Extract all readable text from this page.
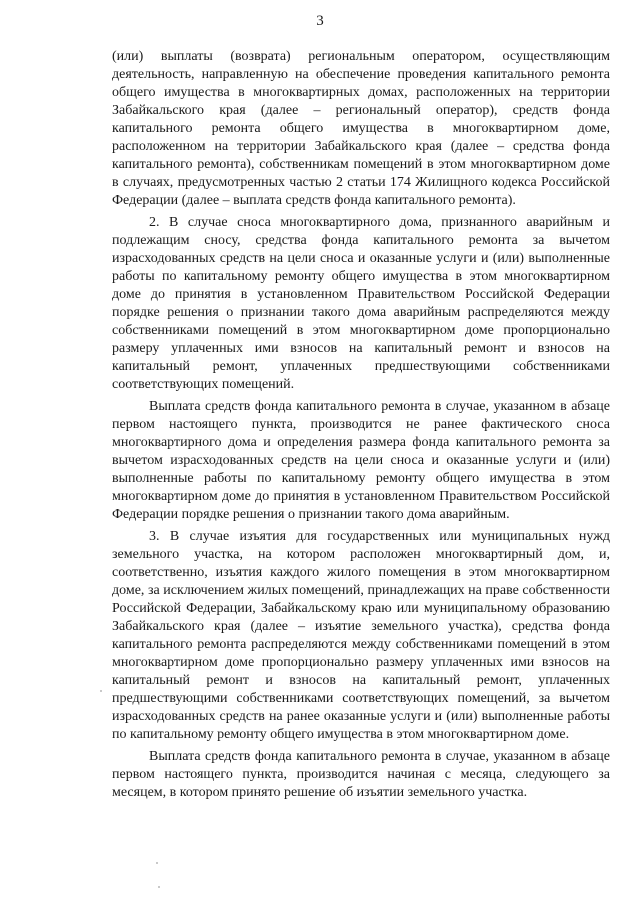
3

(или) выплаты (возврата) региональным оператором, осуществляющим деятельность, направленную на обеспечение проведения капитального ремонта общего имущества в многоквартирных домах, расположенных на территории Забайкальского края (далее – региональный оператор), средств фонда капитального ремонта общего имущества в многоквартирном доме, расположенном на территории Забайкальского края (далее – средства фонда капитального ремонта), собственникам помещений в этом многоквартирном доме в случаях, предусмотренных частью 2 статьи 174 Жилищного кодекса Российской Федерации (далее – выплата средств фонда капитального ремонта).

2. В случае сноса многоквартирного дома, признанного аварийным и подлежащим сносу, средства фонда капитального ремонта за вычетом израсходованных средств на цели сноса и оказанные услуги и (или) выполненные работы по капитальному ремонту общего имущества в этом многоквартирном доме до принятия в установленном Правительством Российской Федерации порядке решения о признании такого дома аварийным распределяются между собственниками помещений в этом многоквартирном доме пропорционально размеру уплаченных ими взносов на капитальный ремонт и взносов на капитальный ремонт, уплаченных предшествующими собственниками соответствующих помещений.

Выплата средств фонда капитального ремонта в случае, указанном в абзаце первом настоящего пункта, производится не ранее фактического сноса многоквартирного дома и определения размера фонда капитального ремонта за вычетом израсходованных средств на цели сноса и оказанные услуги и (или) выполненные работы по капитальному ремонту общего имущества в этом многоквартирном доме до принятия в установленном Правительством Российской Федерации порядке решения о признании такого дома аварийным.

3. В случае изъятия для государственных или муниципальных нужд земельного участка, на котором расположен многоквартирный дом, и, соответственно, изъятия каждого жилого помещения в этом многоквартирном доме, за исключением жилых помещений, принадлежащих на праве собственности Российской Федерации, Забайкальскому краю или муниципальному образованию Забайкальского края (далее – изъятие земельного участка), средства фонда капитального ремонта распределяются между собственниками помещений в этом многоквартирном доме пропорционально размеру уплаченных ими взносов на капитальный ремонт и взносов на капитальный ремонт, уплаченных предшествующими собственниками соответствующих помещений, за вычетом израсходованных средств на ранее оказанные услуги и (или) выполненные работы по капитальному ремонту общего имущества в этом многоквартирном доме.

Выплата средств фонда капитального ремонта в случае, указанном в абзаце первом настоящего пункта, производится начиная с месяца, следующего за месяцем, в котором принято решение об изъятии земельного участка.
